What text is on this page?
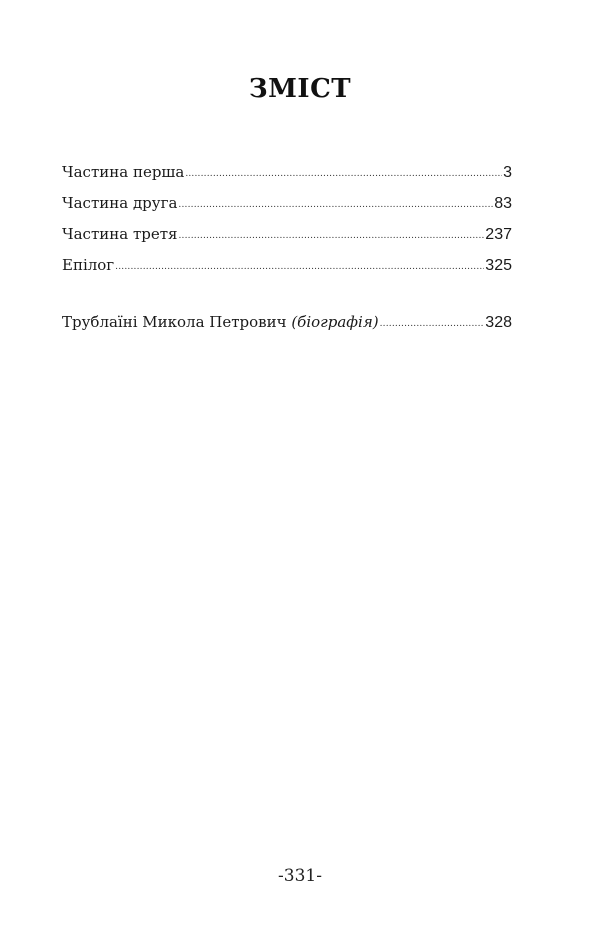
ЗМІСТ
Частина перша .....	3
Частина друга .....	83
Частина третя .....	237
Епілог .....	325
Трублаїні Микола Петрович (біографія) .....	328
-331-
